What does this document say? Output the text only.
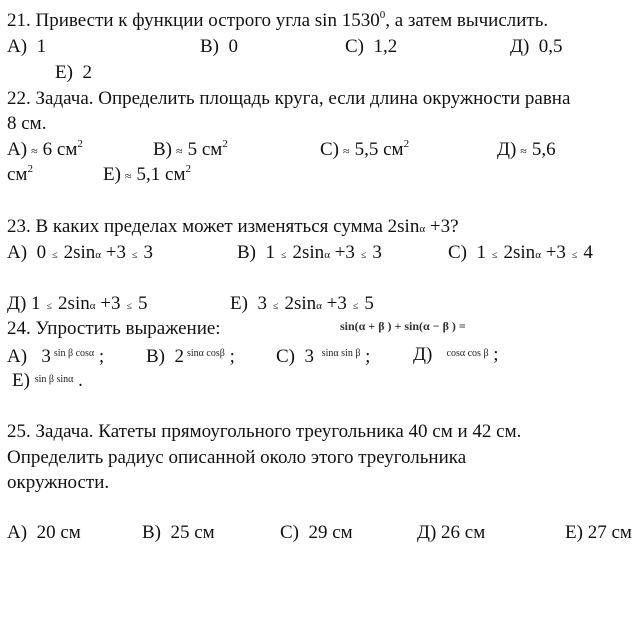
21. Привести к функции острого угла sin 1530$^0$, а затем вычислить.
А) 1	В) 0	С) 1,2	Д) 0,5
Е) 2
22. Задача. Определить площадь круга, если длина окружности равна
8 см.
А) ≈ 6 $см^2$	В) ≈ 5 $см^2$	С) ≈ 5,5 $см^2$	Д) ≈ 5,6
$см^2$	Е) ≈ 5,1 $см^2$
23. В каких пределах может изменяться сумма 2sinα +3?
А) 0 ≤ 2sinα +3 ≤ 3	В) 1 ≤ 2sinα +3 ≤ 3	С) 1 ≤ 2sinα +3 ≤ 4
Д) 1 ≤ 2sinα +3 ≤ 5	Е) 3 ≤ 2sinα +3 ≤ 5
24. Упростить выражение:	sin(α + β ) + sin(α − β ) =
А) 3 $^{sin \beta cos\alpha}$ ; В) 2 $^{sin\alpha cos\beta}$ ; С) 3 $^{sin\alpha sin \beta}$ ; Д) $^{cos\alpha cos \beta}$ ;
Е) $^{sin \beta sin\alpha}$ .
25. Задача. Катеты прямоугольного треугольника 40 см и 42 см.
Определить радиус описанной около этого треугольника
окружности.
А) 20 см	В) 25 см	С) 29 см	Д) 26 см	Е) 27 см
